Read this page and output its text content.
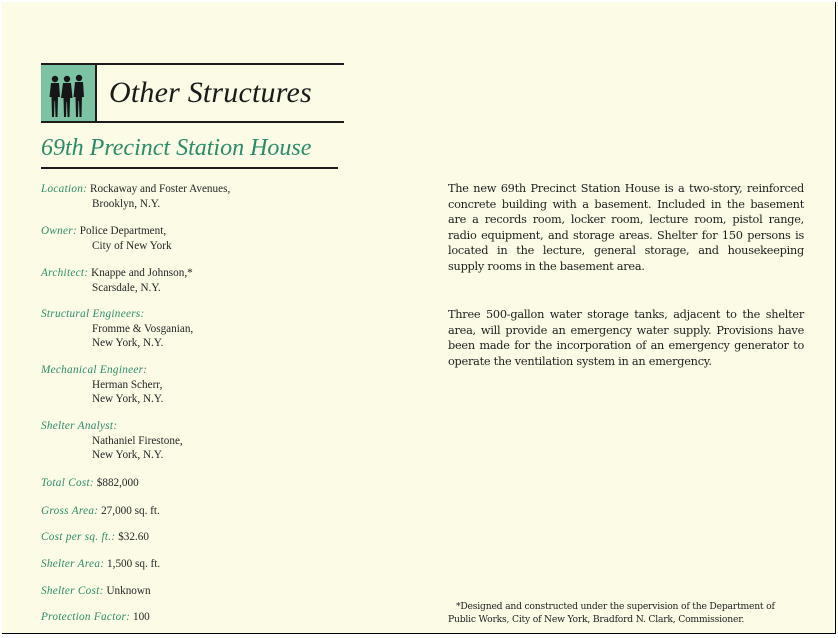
Other Structures
69th Precinct Station House
Location: Rockaway and Foster Avenues,
Brooklyn, N.Y.
Owner: Police Department,
City of New York
Architect: Knappe and Johnson,*
Scarsdale, N.Y.
Structural Engineers:
Fromme & Vosganian,
New York, N.Y.
Mechanical Engineer:
Herman Scherr,
New York, N.Y.
Shelter Analyst:
Nathaniel Firestone,
New York, N.Y.
Total Cost: $882,000
Gross Area: 27,000 sq. ft.
Cost per sq. ft.: $32.60
Shelter Area: 1,500 sq. ft.
Shelter Cost: Unknown
Protection Factor: 100
The new 69th Precinct Station House is a two-story, reinforced concrete building with a basement. Included in the basement are a records room, locker room, lecture room, pistol range, radio equipment, and storage areas. Shelter for 150 persons is located in the lecture, general storage, and housekeeping supply rooms in the basement area.
Three 500-gallon water storage tanks, adjacent to the shelter area, will provide an emergency water supply. Provisions have been made for the incorporation of an emergency generator to operate the ventilation system in an emergency.
*Designed and constructed under the supervision of the Department of
Public Works, City of New York, Bradford N. Clark, Commissioner.
